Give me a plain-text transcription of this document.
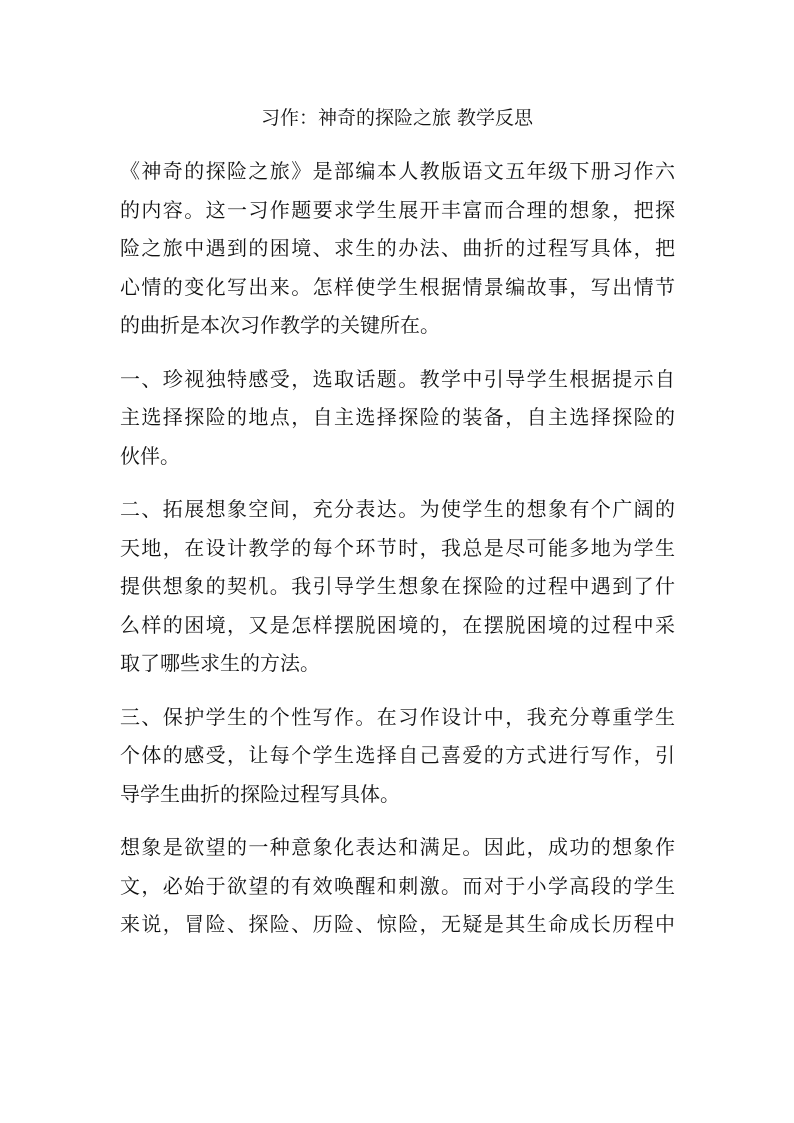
习作：神奇的探险之旅 教学反思

《神奇的探险之旅》是部编本人教版语文五年级下册习作六
的内容。这一习作题要求学生展开丰富而合理的想象，把探
险之旅中遇到的困境、求生的办法、曲折的过程写具体，把
心情的变化写出来。怎样使学生根据情景编故事，写出情节
的曲折是本次习作教学的关键所在。

一、珍视独特感受，选取话题。教学中引导学生根据提示自
主选择探险的地点，自主选择探险的装备，自主选择探险的
伙伴。

二、拓展想象空间，充分表达。为使学生的想象有个广阔的
天地，在设计教学的每个环节时，我总是尽可能多地为学生
提供想象的契机。我引导学生想象在探险的过程中遇到了什
么样的困境，又是怎样摆脱困境的，在摆脱困境的过程中采
取了哪些求生的方法。

三、保护学生的个性写作。在习作设计中，我充分尊重学生
个体的感受，让每个学生选择自己喜爱的方式进行写作，引
导学生曲折的探险过程写具体。

想象是欲望的一种意象化表达和满足。因此，成功的想象作
文，必始于欲望的有效唤醒和刺激。而对于小学高段的学生
来说，冒险、探险、历险、惊险，无疑是其生命成长历程中
